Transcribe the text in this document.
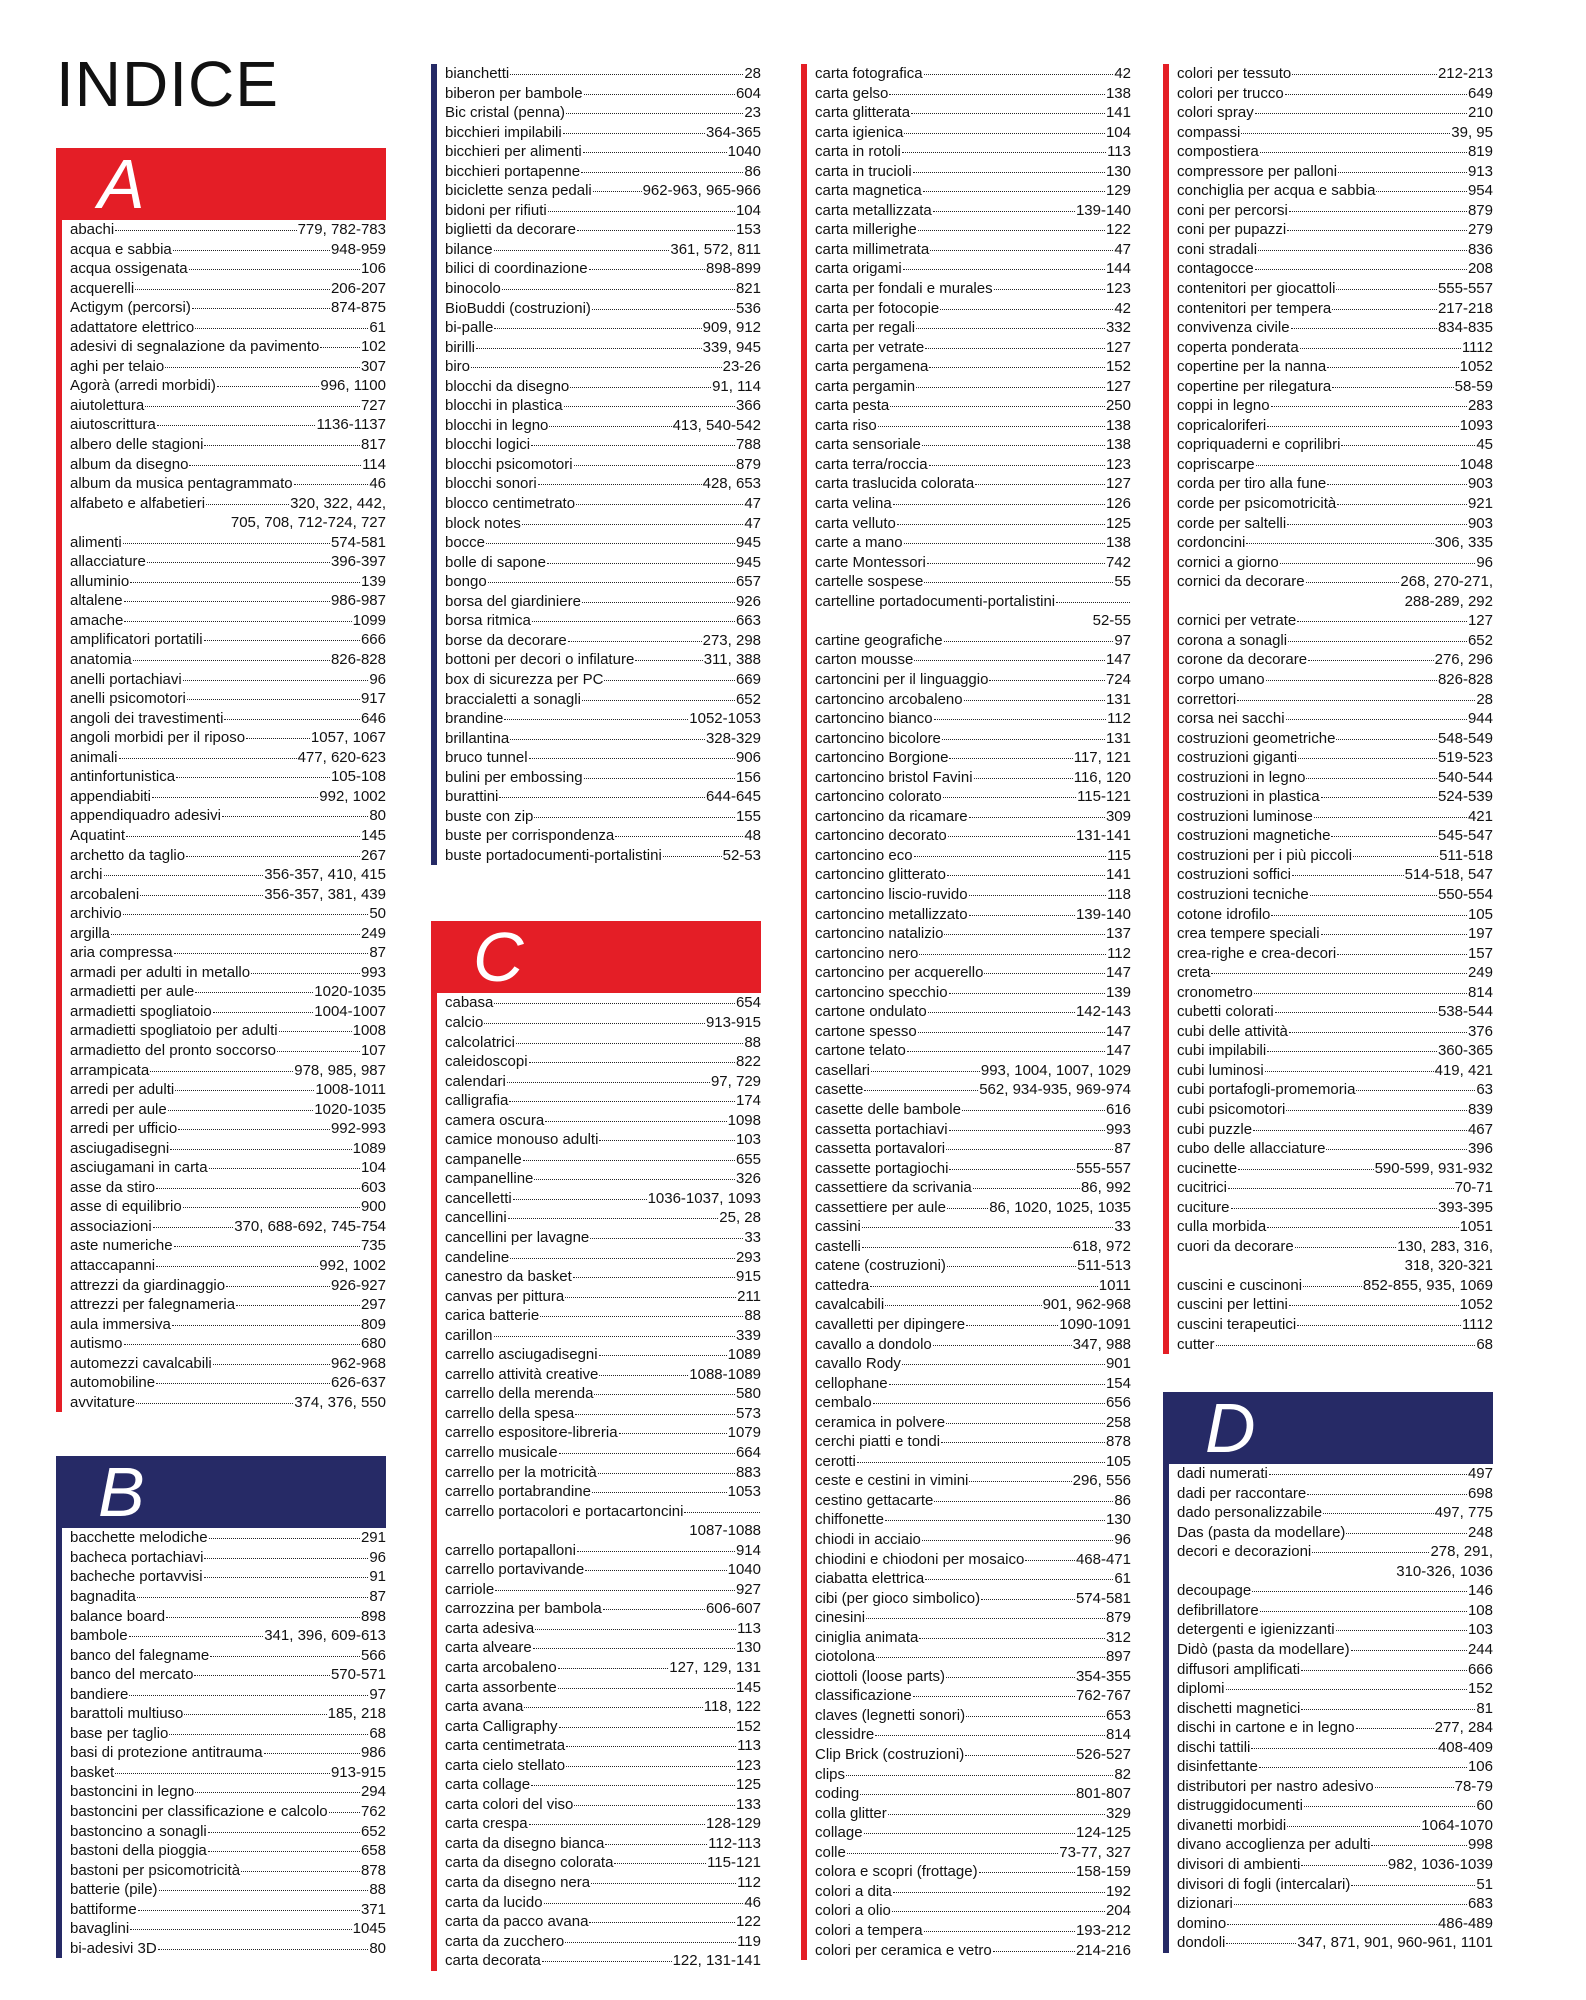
INDICE
A
abachi	779, 782-783
acqua e sabbia	948-959
acqua ossigenata	106
acquerelli	206-207
Actigym (percorsi)	874-875
adattatore elettrico	61
adesivi di segnalazione da pavimento	102
aghi per telaio	307
Agorà (arredi morbidi)	996, 1100
aiutolettura	727
aiutoscrittura	1136-1137
albero delle stagioni	817
album da disegno	114
album da musica pentagrammato	46
alfabeto e alfabetieri	320, 322, 442,
705, 708, 712-724, 727
alimenti	574-581
allacciature	396-397
alluminio	139
altalene	986-987
amache	1099
amplificatori portatili	666
anatomia	826-828
anelli portachiavi	96
anelli psicomotori	917
angoli dei travestimenti	646
angoli morbidi per il riposo	1057, 1067
animali	477, 620-623
antinfortunistica	105-108
appendiabiti	992, 1002
appendiquadro adesivi	80
Aquatint	145
archetto da taglio	267
archi	356-357, 410, 415
arcobaleni	356-357, 381, 439
archivio	50
argilla	249
aria compressa	87
armadi per adulti in metallo	993
armadietti per aule	1020-1035
armadietti spogliatoio	1004-1007
armadietti spogliatoio per adulti	1008
armadietto del pronto soccorso	107
arrampicata	978, 985, 987
arredi per adulti	1008-1011
arredi per aule	1020-1035
arredi per ufficio	992-993
asciugadisegni	1089
asciugamani in carta	104
asse da stiro	603
asse di equilibrio	900
associazioni	370, 688-692, 745-754
aste numeriche	735
attaccapanni	992, 1002
attrezzi da giardinaggio	926-927
attrezzi per falegnameria	297
aula immersiva	809
autismo	680
automezzi cavalcabili	962-968
automobiline	626-637
avvitature	374, 376, 550
B
bacchette melodiche	291
bacheca portachiavi	96
bacheche portavvisi	91
bagnadita	87
balance board	898
bambole	341, 396, 609-613
banco del falegname	566
banco del mercato	570-571
bandiere	97
barattoli multiuso	185, 218
base per taglio	68
basi di protezione antitrauma	986
basket	913-915
bastoncini in legno	294
bastoncini per classificazione e calcolo 762
bastoncino a sonagli	652
bastoni della pioggia	658
bastoni per psicomotricità	878
batterie (pile)	88
battiforme	371
bavaglini	1045
bi-adesivi 3D	80
bianchetti	28
biberon per bambole	604
Bic cristal (penna)	23
bicchieri impilabili	364-365
bicchieri per alimenti	1040
bicchieri portapenne	86
biciclette senza pedali	962-963, 965-966
bidoni per rifiuti	104
biglietti da decorare	153
bilance	361, 572, 811
bilici di coordinazione	898-899
binocolo	821
BioBuddi (costruzioni)	536
bi-palle	909, 912
birilli	339, 945
biro	23-26
blocchi da disegno	91, 114
blocchi in plastica	366
blocchi in legno	413, 540-542
blocchi logici	788
blocchi psicomotori	879
blocchi sonori	428, 653
blocco centimetrato	47
block notes	47
bocce	945
bolle di sapone	945
bongo	657
borsa del giardiniere	926
borsa ritmica	663
borse da decorare	273, 298
bottoni per decori o infilature	311, 388
box di sicurezza per PC	669
braccialetti a sonagli	652
brandine	1052-1053
brillantina	328-329
bruco tunnel	906
bulini per embossing	156
burattini	644-645
buste con zip	155
buste per corrispondenza	48
buste portadocumenti-portalistini	52-53
C
cabasa	654
calcio	913-915
calcolatrici	88
caleidoscopi	822
calendari	97, 729
calligrafia	174
camera oscura	1098
camice monouso adulti	103
campanelle	655
campanelline	326
cancelletti	1036-1037, 1093
cancellini	25, 28
cancellini per lavagne	33
candeline	293
canestro da basket	915
canvas per pittura	211
carica batterie	88
carillon	339
carrello asciugadisegni	1089
carrello attività creative	1088-1089
carrello della merenda	580
carrello della spesa	573
carrello espositore-libreria	1079
carrello musicale	664
carrello per la motricità	883
carrello portabrandine	1053
carrello portacolori e portacartoncini
1087-1088
carrello portapalloni	914
carrello portavivande	1040
carriole	927
carrozzina per bambola	606-607
carta adesiva	113
carta alveare	130
carta arcobaleno	127, 129, 131
carta assorbente	145
carta avana	118, 122
carta Calligraphy	152
carta centimetrata	113
carta cielo stellato	123
carta collage	125
carta colori del viso	133
carta crespa	128-129
carta da disegno bianca	112-113
carta da disegno colorata	115-121
carta da disegno nera	112
carta da lucido	46
carta da pacco avana	122
carta da zucchero	119
carta decorata	122, 131-141
carta fotografica	42
carta gelso	138
carta glitterata	141
carta igienica	104
carta in rotoli	113
carta in trucioli	130
carta magnetica	129
carta metallizzata	139-140
carta millerighe	122
carta millimetrata	47
carta origami	144
carta per fondali e murales	123
carta per fotocopie	42
carta per regali	332
carta per vetrate	127
carta pergamena	152
carta pergamin	127
carta pesta	250
carta riso	138
carta sensoriale	138
carta terra/roccia	123
carta traslucida colorata	127
carta velina	126
carta velluto	125
carte a mano	138
carte Montessori	742
cartelle sospese	55
cartelline portadocumenti-portalistini
52-55
cartine geografiche	97
carton mousse	147
cartoncini per il linguaggio	724
cartoncino arcobaleno	131
cartoncino bianco	112
cartoncino bicolore	131
cartoncino Borgione	117, 121
cartoncino bristol Favini	116, 120
cartoncino colorato	115-121
cartoncino da ricamare	309
cartoncino decorato	131-141
cartoncino eco	115
cartoncino glitterato	141
cartoncino liscio-ruvido	118
cartoncino metallizzato	139-140
cartoncino natalizio	137
cartoncino nero	112
cartoncino per acquerello	147
cartoncino specchio	139
cartone ondulato	142-143
cartone spesso	147
cartone telato	147
casellari	993, 1004, 1007, 1029
casette	562, 934-935, 969-974
casette delle bambole	616
cassetta portachiavi	993
cassetta portavalori	87
cassette portagiochi	555-557
cassettiere da scrivania	86, 992
cassettiere per aule	86, 1020, 1025, 1035
cassini	33
castelli	618, 972
catene (costruzioni)	511-513
cattedra	1011
cavalcabili	901, 962-968
cavalletti per dipingere	1090-1091
cavallo a dondolo	347, 988
cavallo Rody	901
cellophane	154
cembalo	656
ceramica in polvere	258
cerchi piatti e tondi	878
cerotti	105
ceste e cestini in vimini	296, 556
cestino gettacarte	86
chiffonette	130
chiodi in acciaio	96
chiodini e chiodoni per mosaico	468-471
ciabatta elettrica	61
cibi (per gioco simbolico)	574-581
cinesini	879
ciniglia animata	312
ciotolona	897
ciottoli (loose parts)	354-355
classificazione	762-767
claves (legnetti sonori)	653
clessidre	814
Clip Brick (costruzioni)	526-527
clips	82
coding	801-807
colla glitter	329
collage	124-125
colle	73-77, 327
colora e scopri (frottage)	158-159
colori a dita	192
colori a olio	204
colori a tempera	193-212
colori per ceramica e vetro	214-216
colori per tessuto	212-213
colori per trucco	649
colori spray	210
compassi	39, 95
compostiera	819
compressore per palloni	913
conchiglia per acqua e sabbia	954
coni per percorsi	879
coni per pupazzi	279
coni stradali	836
contagocce	208
contenitori per giocattoli	555-557
contenitori per tempera	217-218
convivenza civile	834-835
coperta ponderata	1112
copertine per la nanna	1052
copertine per rilegatura	58-59
coppi in legno	283
copricaloriferi	1093
copriquaderni e coprilibri	45
copriscarpe	1048
corda per tiro alla fune	903
corde per psicomotricità	921
corde per saltelli	903
cordoncini	306, 335
cornici a giorno	96
cornici da decorare	268, 270-271,
288-289, 292
cornici per vetrate	127
corona a sonagli	652
corone da decorare	276, 296
corpo umano	826-828
correttori	28
corsa nei sacchi	944
costruzioni geometriche	548-549
costruzioni giganti	519-523
costruzioni in legno	540-544
costruzioni in plastica	524-539
costruzioni luminose	421
costruzioni magnetiche	545-547
costruzioni per i più piccoli	511-518
costruzioni soffici	514-518, 547
costruzioni tecniche	550-554
cotone idrofilo	105
crea tempere speciali	197
crea-righe e crea-decori	157
creta	249
cronometro	814
cubetti colorati	538-544
cubi delle attività	376
cubi impilabili	360-365
cubi luminosi	419, 421
cubi portafogli-promemoria	63
cubi psicomotori	839
cubi puzzle	467
cubo delle allacciature	396
cucinette	590-599, 931-932
cucitrici	70-71
cuciture	393-395
culla morbida	1051
cuori da decorare	130, 283, 316,
318, 320-321
cuscini e cuscinoni	852-855, 935, 1069
cuscini per lettini	1052
cuscini terapeutici	1112
cutter	68
D
dadi numerati	497
dadi per raccontare	698
dado personalizzabile	497, 775
Das (pasta da modellare)	248
decori e decorazioni	278, 291,
310-326, 1036
decoupage	146
defibrillatore	108
detergenti e igienizzanti	103
Didò (pasta da modellare)	244
diffusori amplificati	666
diplomi	152
dischetti magnetici	81
dischi in cartone e in legno	277, 284
dischi tattili	408-409
disinfettante	106
distributori per nastro adesivo	78-79
distruggidocumenti	60
divanetti morbidi	1064-1070
divano accoglienza per adulti	998
divisori di ambienti	982, 1036-1039
divisori di fogli (intercalari)	51
dizionari	683
domino	486-489
dondoli	347, 871, 901, 960-961, 1101
